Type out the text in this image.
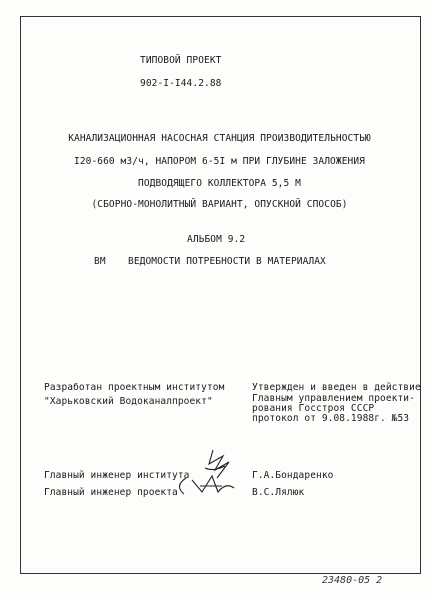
ТИПОВОЙ ПРОЕКТ
902-I-I44.2.88
КАНАЛИЗАЦИОННАЯ НАСОСНАЯ СТАНЦИЯ ПРОИЗВОДИТЕЛЬНОСТЬЮ
I20-660 м3/ч, НАПОРОМ 6-5I м ПРИ ГЛУБИНЕ ЗАЛОЖЕНИЯ
ПОДВОДЯЩЕГО КОЛЛЕКТОРА 5,5 М
(СБОРНО-МОНОЛИТНЫЙ ВАРИАНТ, ОПУСКНОЙ СПОСОБ)
АЛЬБОМ 9.2
ВМ ВЕДОМОСТИ ПОТРЕБНОСТИ В МАТЕРИАЛАХ
Разработан проектным институтом
"Харьковский Водоканалпроект"
Утвержден и введен в действие
Главным управлением проекти-
рования Госстроя СССР
протокол от 9.08.1988г. №53
Главный инженер института	Г.А.Бондаренко
Главный инженер проекта	В.С.Лялюк
23480-05 2
